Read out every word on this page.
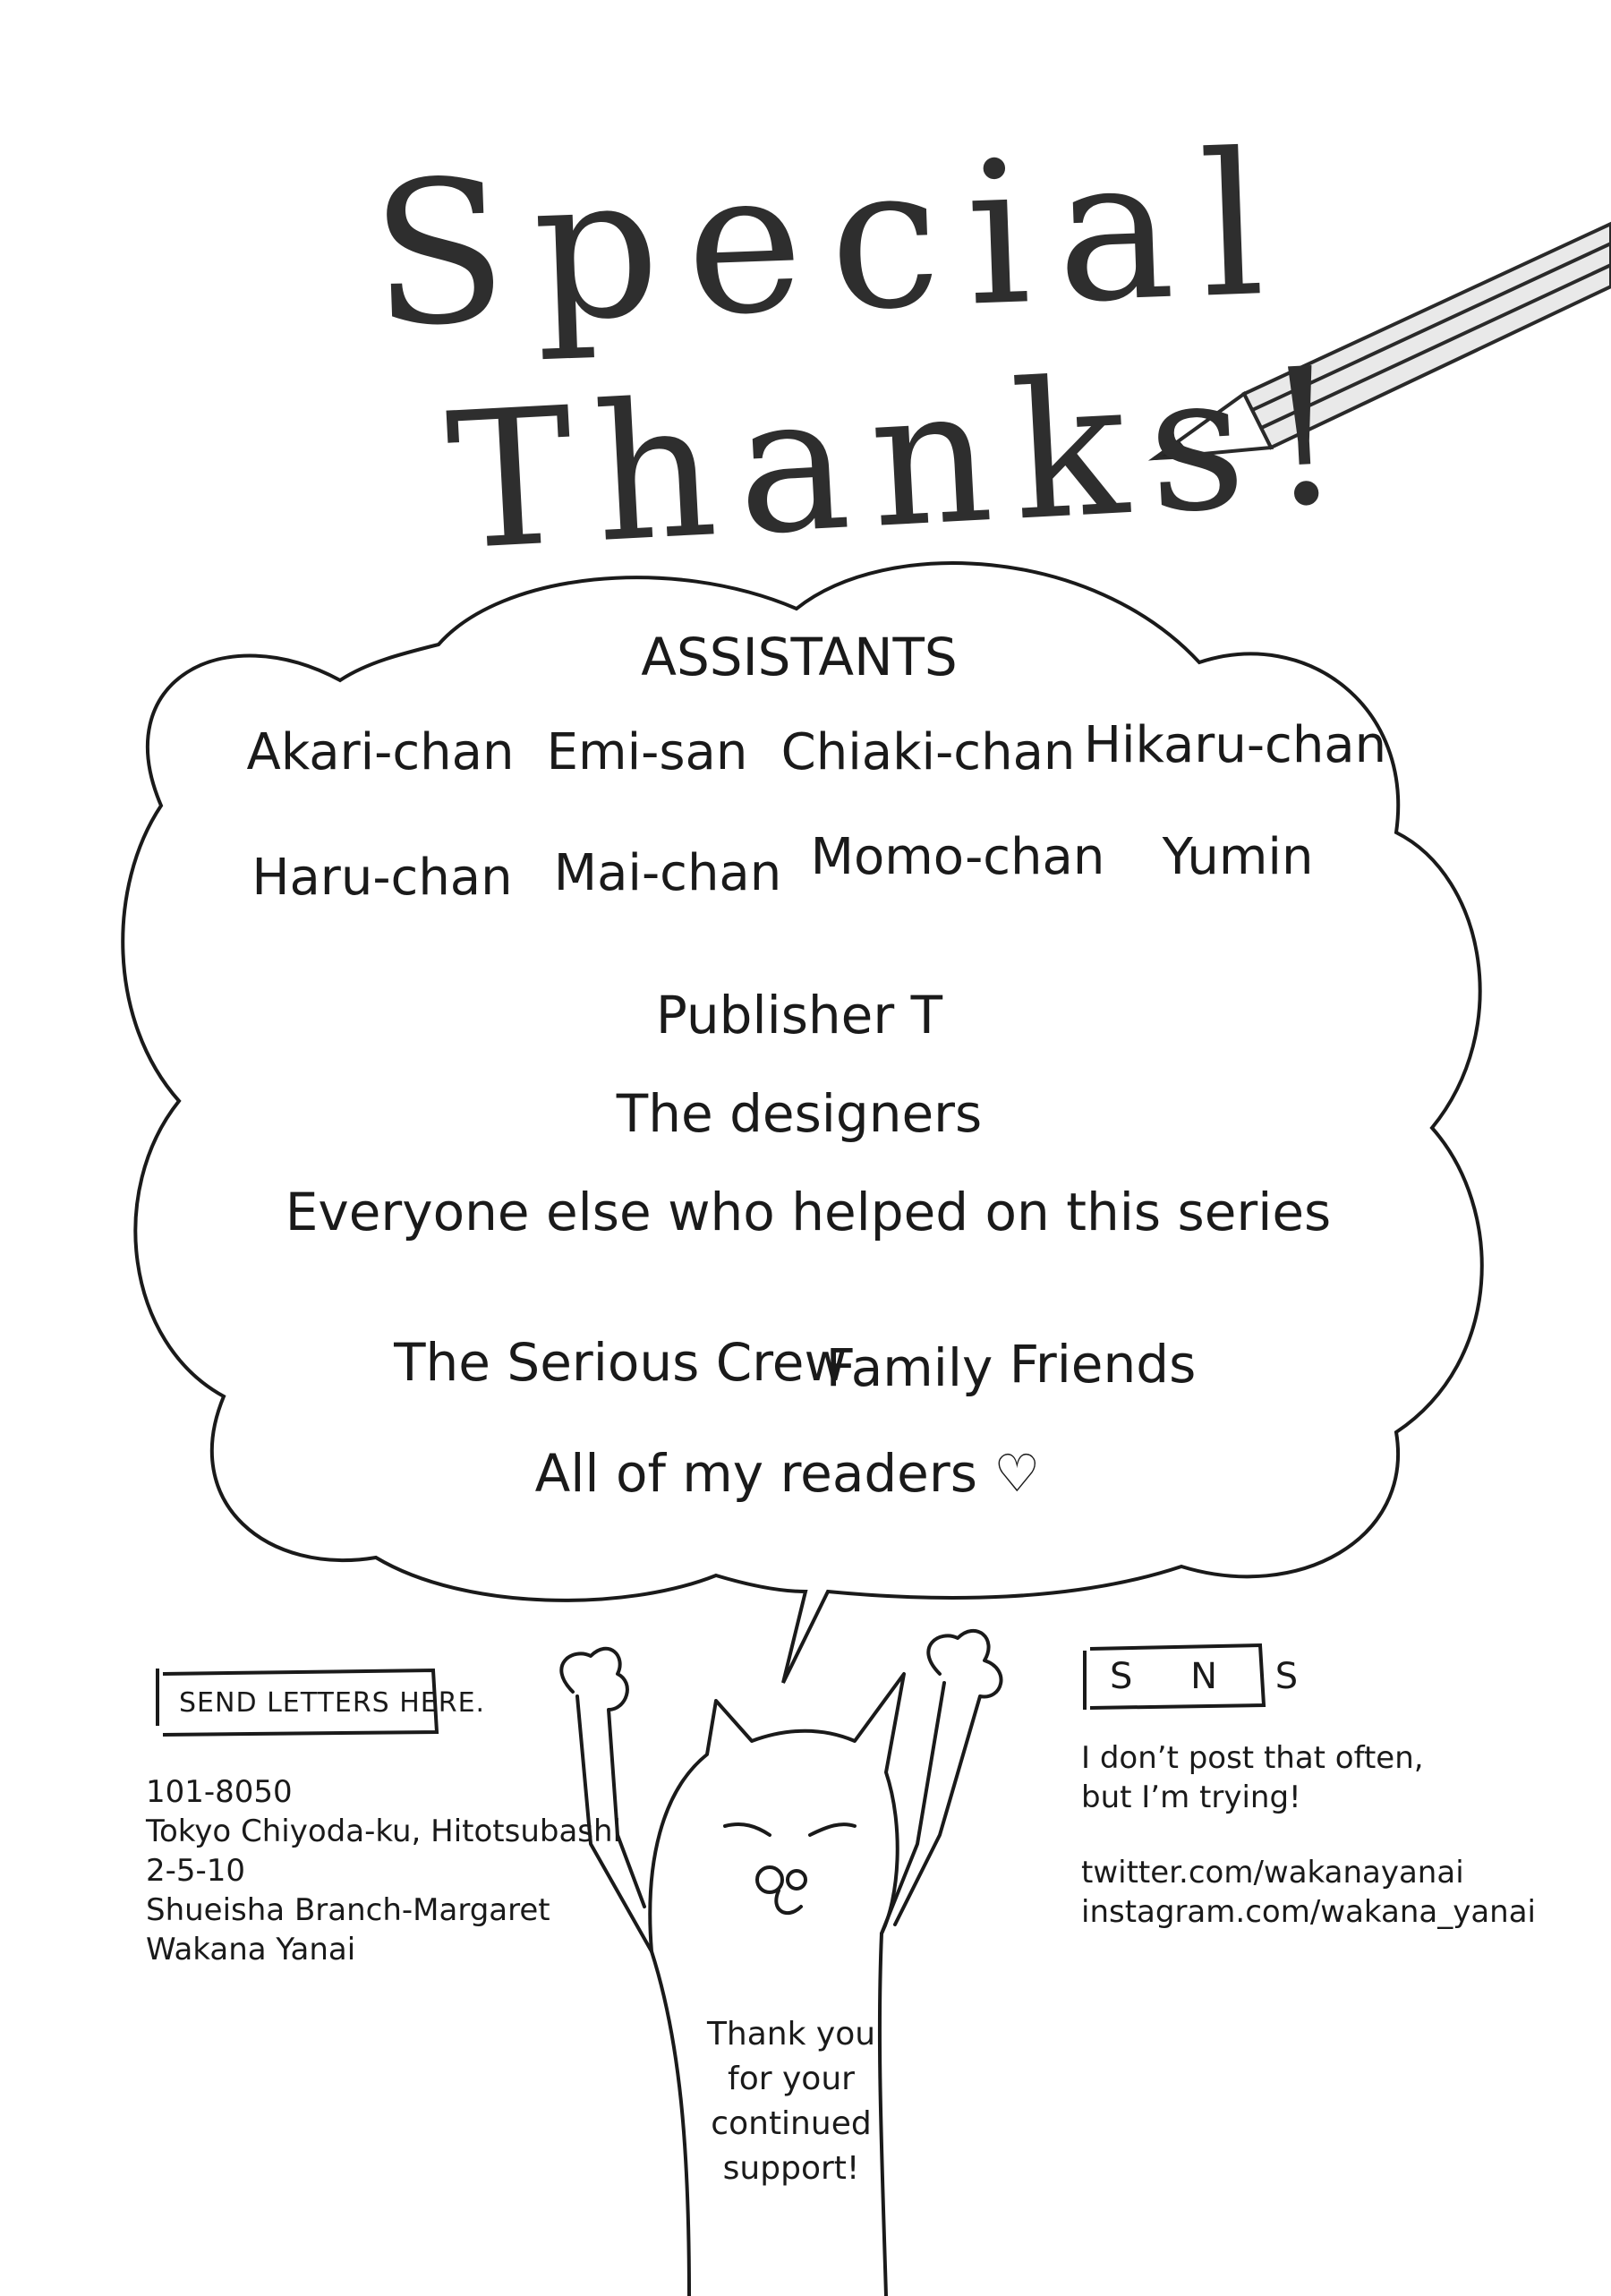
Special
Thanks!
ASSISTANTS
Akari-chan Emi-san Chiaki-chan Hikaru-chan
Haru-chan Mai-chan Momo-chan Yumin
Publisher T
The designers
Everyone else who helped on this series
The Serious Crew
Family Friends
All of my readers ♡
SEND LETTERS HERE.
101-8050
Tokyo Chiyoda-ku, Hitotsubashi
2-5-10
Shueisha Branch-Margaret
Wakana Yanai
S N S
I don’t post that often,
but I’m trying!
twitter.com/wakanayanai
instagram.com/wakana_yanai
Thank you
for your
continued
support!
